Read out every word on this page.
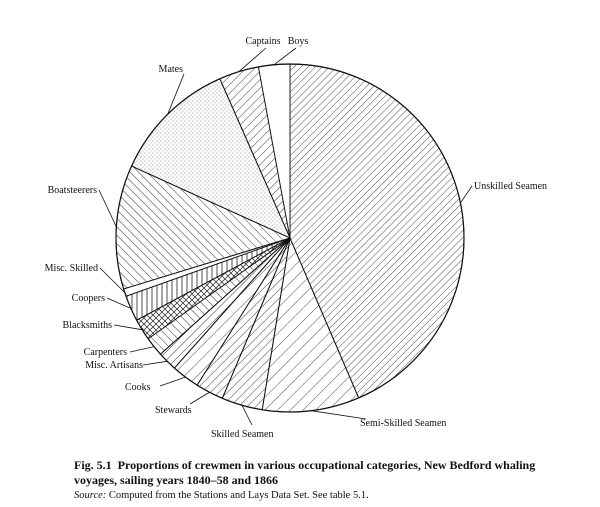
Unskilled Seamen
Semi-Skilled Seamen
Skilled Seamen
Stewards
Cooks
Misc. Artisans
Carpenters
Blacksmiths
Coopers
Misc. Skilled
Boatsteerers
Mates
Captains Boys
Fig. 5.1 Proportions of crewmen in various occupational categories, New Bedford whaling voyages, sailing years 1840–58 and 1866
Source: Computed from the Stations and Lays Data Set. See table 5.1.
